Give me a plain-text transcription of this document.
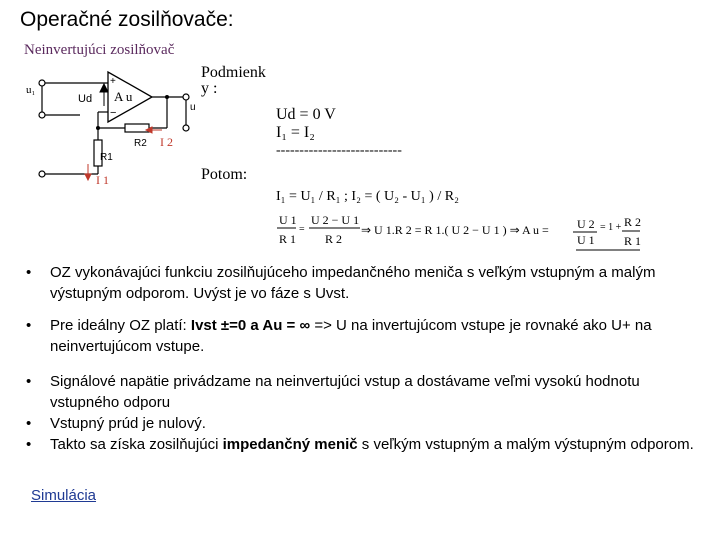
Operačné zosilňovače:
Neinvertujúci zosilňovač
u₁
Ud
+
−
A u
R2
R1
u
I 2
I 1
Podmienk
y :
Ud = 0 V
I₁ = I₂
---------------------------
Potom:
I₁ = U₁ / R₁ ; I₂ = ( U₂ - U₁ ) / R₂
U 1
R 1
=
U 2 − U 1
R 2
⇒ U 1.R 2 = R 1.( U 2 − U 1 ) ⇒ A u = U 2
U 1
= 1 + R 2
R 1
•	OZ vykonávajúci funkciu zosilňujúceho impedančného meniča s veľkým vstupným a malým výstupným odporom. Uvýst je vo fáze s Uvst.
•	Pre ideálny OZ platí: Ivst ±=0 a Au = ∞ => U na invertujúcom vstupe je rovnaké ako U+ na neinvertujúcom vstupe.
•	Signálové napätie privádzame na neinvertujúci vstup a dostávame veľmi vysokú hodnotu vstupného odporu
•	Vstupný prúd je nulový.
•	Takto sa získa zosilňujúci impedančný menič s veľkým vstupným a malým výstupným odporom.
Simulácia
